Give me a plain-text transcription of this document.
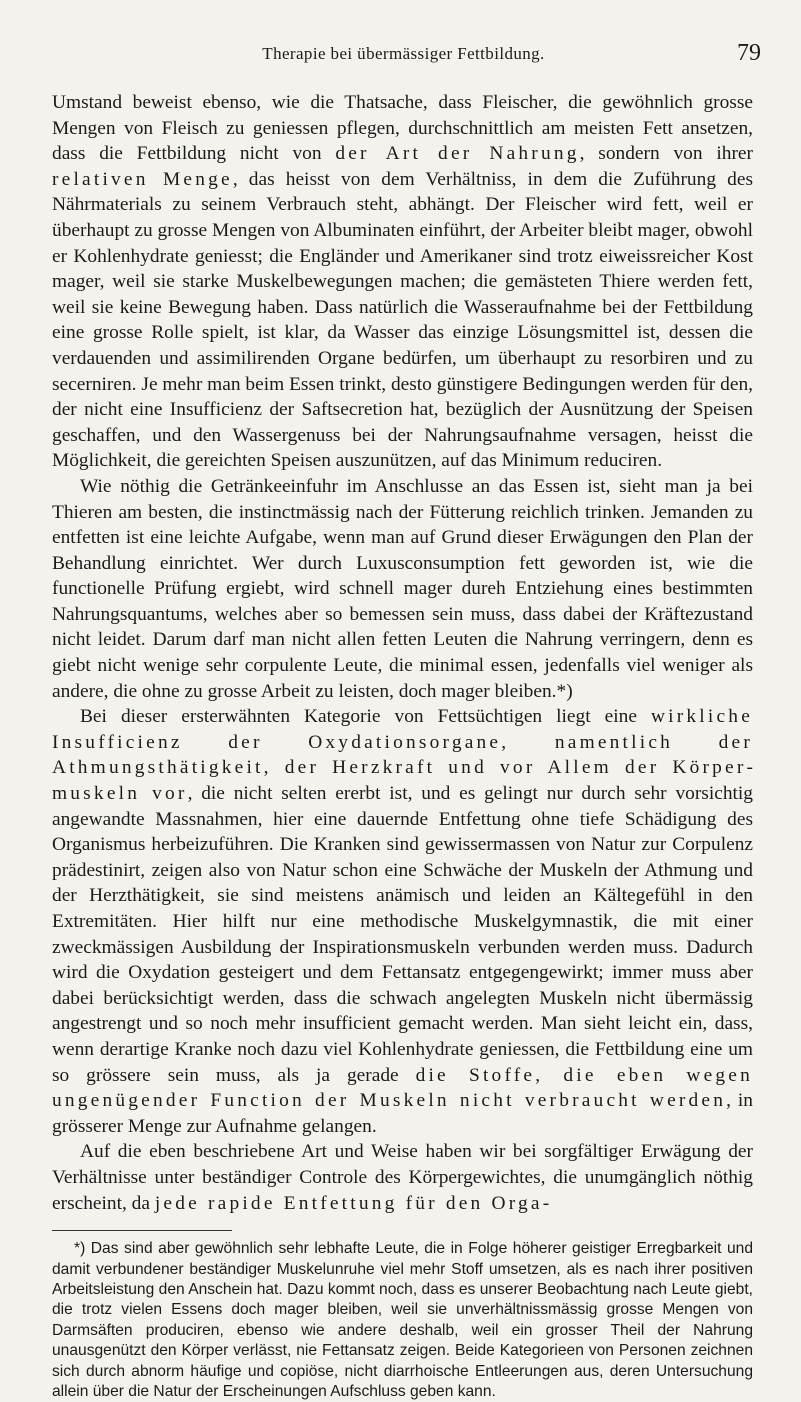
Therapie bei übermässiger Fettbildung.	79

Umstand beweist ebenso, wie die Thatsache, dass Fleischer, die gewöhnlich grosse Mengen von Fleisch zu geniessen pflegen, durchschnittlich am meisten Fett ansetzen, dass die Fettbildung nicht von der Art der Nahrung, sondern von ihrer relativen Menge, das heisst von dem Verhältniss, in dem die Zuführung des Nährmaterials zu seinem Verbrauch steht, abhängt. Der Fleischer wird fett, weil er überhaupt zu grosse Mengen von Albuminaten einführt, der Arbeiter bleibt mager, obwohl er Kohlenhydrate geniesst; die Engländer und Amerikaner sind trotz eiweissreicher Kost mager, weil sie starke Muskelbewegungen machen; die gemästeten Thiere werden fett, weil sie keine Bewegung haben. Dass natürlich die Wasseraufnahme bei der Fettbildung eine grosse Rolle spielt, ist klar, da Wasser das einzige Lösungsmittel ist, dessen die verdauenden und assimilirenden Organe bedürfen, um überhaupt zu resorbiren und zu secerniren. Je mehr man beim Essen trinkt, desto günstigere Bedingungen werden für den, der nicht eine Insufficienz der Saftsecretion hat, bezüglich der Ausnützung der Speisen geschaffen, und den Wassergenuss bei der Nahrungsaufnahme versagen, heisst die Möglichkeit, die gereichten Speisen auszunützen, auf das Minimum reduciren.

Wie nöthig die Getränkeeinfuhr im Anschlusse an das Essen ist, sieht man ja bei Thieren am besten, die instinctmässig nach der Fütterung reichlich trinken. Jemanden zu entfetten ist eine leichte Aufgabe, wenn man auf Grund dieser Erwägungen den Plan der Behandlung einrichtet. Wer durch Luxusconsumption fett geworden ist, wie die functionelle Prüfung ergiebt, wird schnell mager dureh Entziehung eines bestimmten Nahrungsquantums, welches aber so bemessen sein muss, dass dabei der Kräftezustand nicht leidet. Darum darf man nicht allen fetten Leuten die Nahrung verringern, denn es giebt nicht wenige sehr corpulente Leute, die minimal essen, jedenfalls viel weniger als andere, die ohne zu grosse Arbeit zu leisten, doch mager bleiben.*)

Bei dieser ersterwähnten Kategorie von Fettsüchtigen liegt eine wirkliche Insufficienz der Oxydationsorgane, namentlich der Athmungsthätigkeit, der Herzkraft und vor Allem der Körpermuskeln vor, die nicht selten ererbt ist, und es gelingt nur durch sehr vorsichtig angewandte Massnahmen, hier eine dauernde Entfettung ohne tiefe Schädigung des Organismus herbeizuführen. Die Kranken sind gewissermassen von Natur zur Corpulenz prädestinirt, zeigen also von Natur schon eine Schwäche der Muskeln der Athmung und der Herzthätigkeit, sie sind meistens anämisch und leiden an Kältegefühl in den Extremitäten. Hier hilft nur eine methodische Muskelgymnastik, die mit einer zweckmässigen Ausbildung der Inspirationsmuskeln verbunden werden muss. Dadurch wird die Oxydation gesteigert und dem Fettansatz entgegengewirkt; immer muss aber dabei berücksichtigt werden, dass die schwach angelegten Muskeln nicht übermässig angestrengt und so noch mehr insufficient gemacht werden. Man sieht leicht ein, dass, wenn derartige Kranke noch dazu viel Kohlenhydrate geniessen, die Fettbildung eine um so grössere sein muss, als ja gerade die Stoffe, die eben wegen ungenügender Function der Muskeln nicht verbraucht werden, in grösserer Menge zur Aufnahme gelangen.

Auf die eben beschriebene Art und Weise haben wir bei sorgfältiger Erwägung der Verhältnisse unter beständiger Controle des Körpergewichtes, die unumgänglich nöthig erscheint, da jede rapide Entfettung für den Orga-

*) Das sind aber gewöhnlich sehr lebhafte Leute, die in Folge höherer geistiger Erregbarkeit und damit verbundener beständiger Muskelunruhe viel mehr Stoff umsetzen, als es nach ihrer positiven Arbeitsleistung den Anschein hat. Dazu kommt noch, dass es unserer Beobachtung nach Leute giebt, die trotz vielen Essens doch mager bleiben, weil sie unverhältnissmässig grosse Mengen von Darmsäften produciren, ebenso wie andere deshalb, weil ein grosser Theil der Nahrung unausgenützt den Körper verlässt, nie Fettansatz zeigen. Beide Kategorieen von Personen zeichnen sich durch abnorm häufige und copiöse, nicht diarrhoische Entleerungen aus, deren Untersuchung allein über die Natur der Erscheinungen Aufschluss geben kann.
